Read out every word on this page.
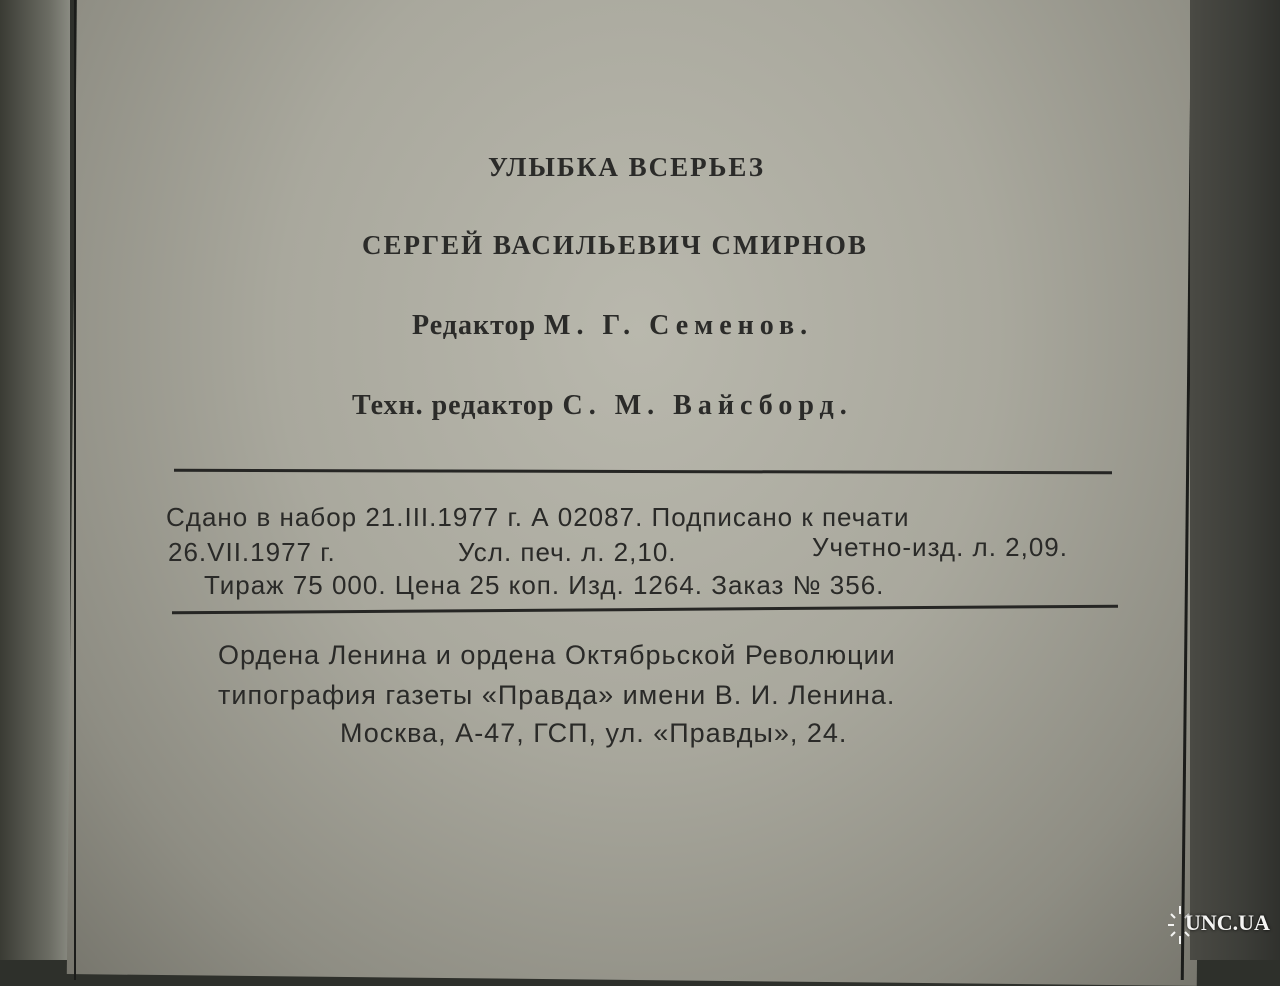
УЛЫБКА ВСЕРЬЕЗ
СЕРГЕЙ ВАСИЛЬЕВИЧ СМИРНОВ
Редактор М. Г. Семенов.
Техн. редактор С. М. Вайсборд.
Сдано в набор 21.III.1977 г. А 02087. Подписано к печати
26.VII.1977 г.	Усл. печ. л. 2,10.	Учетно-изд. л. 2,09.
Тираж 75 000. Цена 25 коп. Изд. 1264. Заказ № 356.
Ордена Ленина и ордена Октябрьской Революции
типография газеты «Правда» имени В. И. Ленина.
Москва, А-47, ГСП, ул. «Правды», 24.
UNC.UA
